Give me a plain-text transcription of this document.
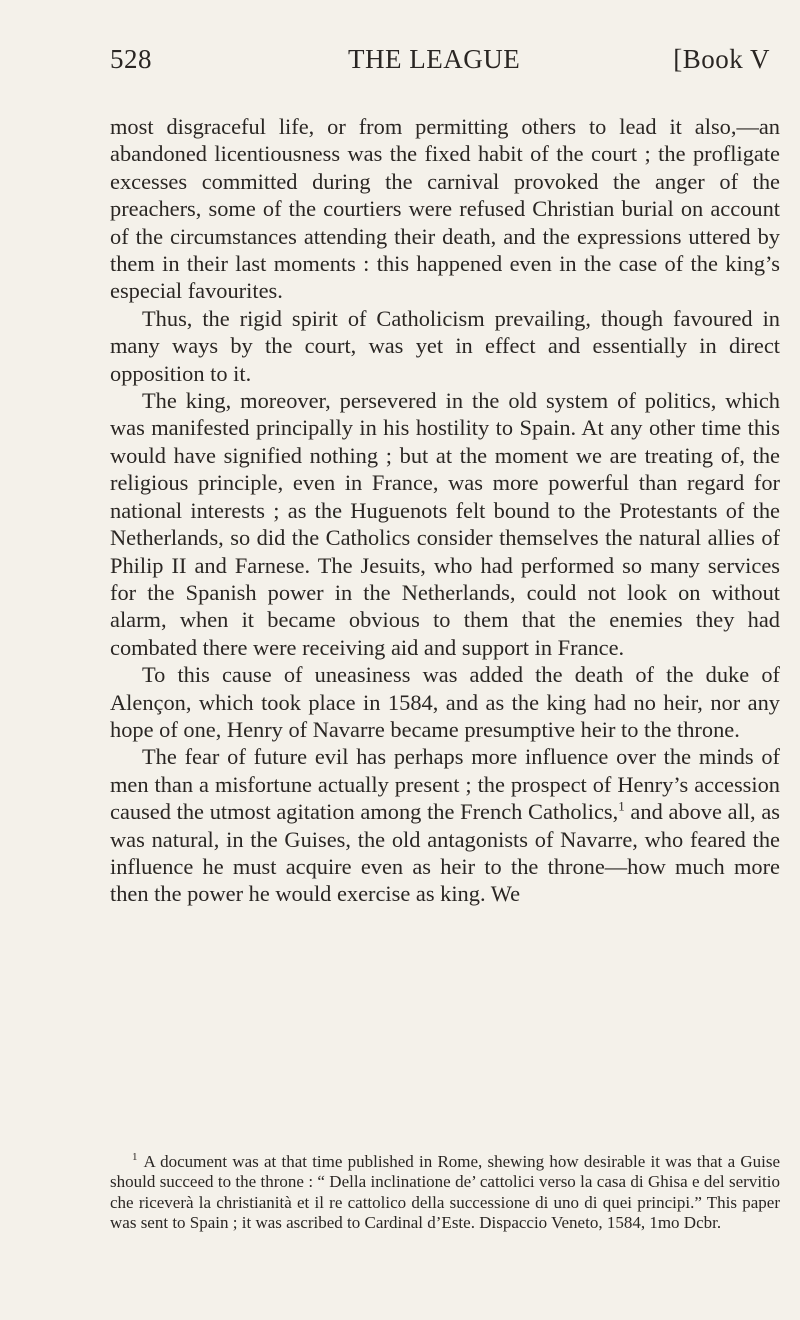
528	THE LEAGUE	[Book V

most disgraceful life, or from permitting others to lead it also,—an abandoned licentiousness was the fixed habit of the court ; the profligate excesses committed during the carnival provoked the anger of the preachers, some of the courtiers were refused Christian burial on account of the circumstances attending their death, and the expressions uttered by them in their last moments : this happened even in the case of the king’s especial favourites.

Thus, the rigid spirit of Catholicism prevailing, though favoured in many ways by the court, was yet in effect and essentially in direct opposition to it.

The king, moreover, persevered in the old system of politics, which was manifested principally in his hostility to Spain. At any other time this would have signified nothing ; but at the moment we are treating of, the religious principle, even in France, was more powerful than regard for national interests ; as the Huguenots felt bound to the Protestants of the Netherlands, so did the Catholics consider themselves the natural allies of Philip II and Farnese. The Jesuits, who had performed so many services for the Spanish power in the Netherlands, could not look on without alarm, when it became obvious to them that the enemies they had combated there were receiving aid and support in France.

To this cause of uneasiness was added the death of the duke of Alençon, which took place in 1584, and as the king had no heir, nor any hope of one, Henry of Navarre became presumptive heir to the throne.

The fear of future evil has perhaps more influence over the minds of men than a misfortune actually present ; the prospect of Henry’s accession caused the utmost agitation among the French Catholics,$^1$ and above all, as was natural, in the Guises, the old antagonists of Navarre, who feared the influence he must acquire even as heir to the throne—how much more then the power he would exercise as king. We

$^1$ A document was at that time published in Rome, shewing how desirable it was that a Guise should succeed to the throne : “ Della inclinatione de’ cattolici verso la casa di Ghisa e del servitio che riceverà la christianità et il re cattolico della successione di uno di quei principi.” This paper was sent to Spain ; it was ascribed to Cardinal d’Este. Dispaccio Veneto, 1584, 1mo Dcbr.
